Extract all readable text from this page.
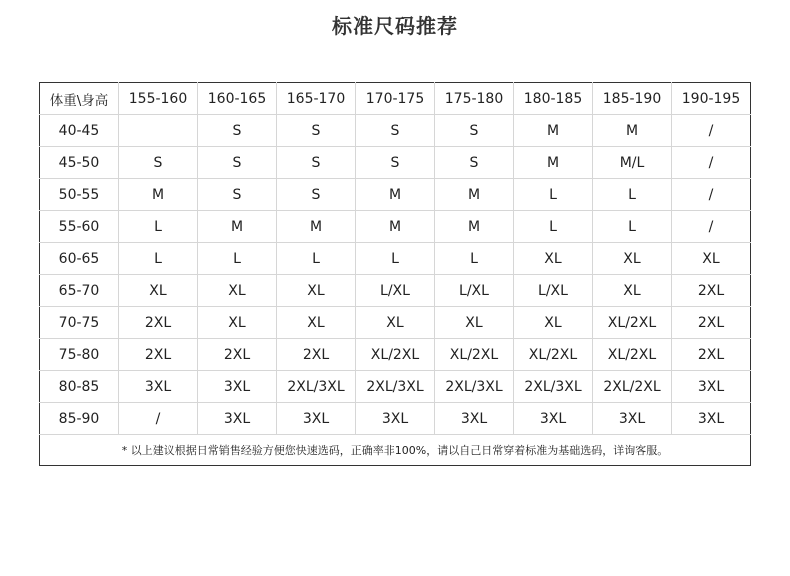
标准尺码推荐
体重\身高	155-160	160-165	165-170	170-175	175-180	180-185	185-190	190-195
40-45		S	S	S	S	M	M	/
45-50	S	S	S	S	S	M	M/L	/
50-55	M	S	S	M	M	L	L	/
55-60	L	M	M	M	M	L	L	/
60-65	L	L	L	L	L	XL	XL	XL
65-70	XL	XL	XL	L/XL	L/XL	L/XL	XL	2XL
70-75	2XL	XL	XL	XL	XL	XL	XL/2XL	2XL
75-80	2XL	2XL	2XL	XL/2XL	XL/2XL	XL/2XL	XL/2XL	2XL
80-85	3XL	3XL	2XL/3XL	2XL/3XL	2XL/3XL	2XL/3XL	2XL/2XL	3XL
85-90	/	3XL	3XL	3XL	3XL	3XL	3XL	3XL
* 以上建议根据日常销售经验方便您快速选码，正确率非100%，请以自己日常穿着标准为基础选码，详询客服。								
